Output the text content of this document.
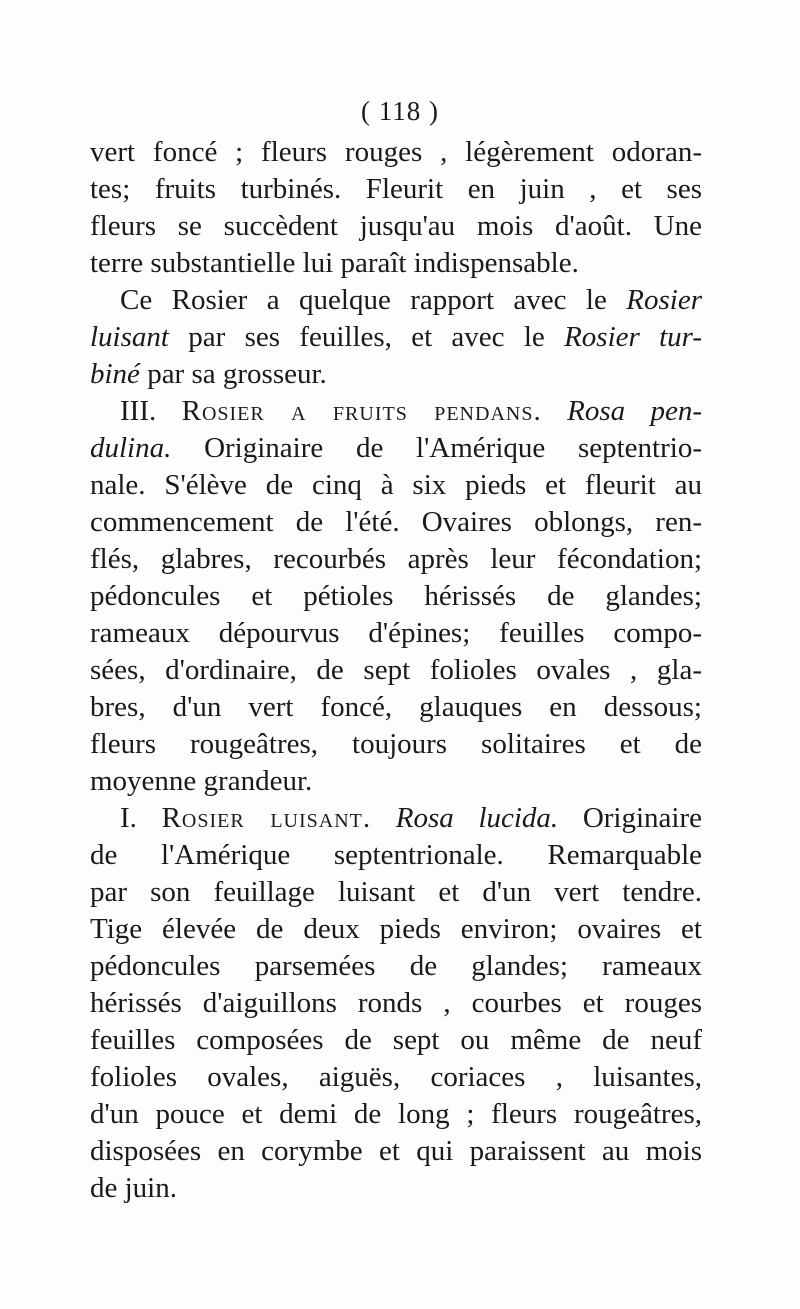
( 118 )
vert foncé ; fleurs rouges , légèrement odoran-
tes; fruits turbinés. Fleurit en juin , et ses
fleurs se succèdent jusqu'au mois d'août. Une
terre substantielle lui paraît indispensable.
Ce Rosier a quelque rapport avec le Rosier
luisant par ses feuilles, et avec le Rosier tur-
biné par sa grosseur.
III. Rosier a fruits pendans. Rosa pen-
dulina. Originaire de l'Amérique septentrio-
nale. S'élève de cinq à six pieds et fleurit au
commencement de l'été. Ovaires oblongs, ren-
flés, glabres, recourbés après leur fécondation;
pédoncules et pétioles hérissés de glandes;
rameaux dépourvus d'épines; feuilles compo-
sées, d'ordinaire, de sept folioles ovales , gla-
bres, d'un vert foncé, glauques en dessous;
fleurs rougeâtres, toujours solitaires et de
moyenne grandeur.
I. Rosier luisant. Rosa lucida. Originaire
de l'Amérique septentrionale. Remarquable
par son feuillage luisant et d'un vert tendre.
Tige élevée de deux pieds environ; ovaires et
pédoncules parsemées de glandes; rameaux
hérissés d'aiguillons ronds , courbes et rouges
feuilles composées de sept ou même de neuf
folioles ovales, aiguës, coriaces , luisantes,
d'un pouce et demi de long ; fleurs rougeâtres,
disposées en corymbe et qui paraissent au mois
de juin.
